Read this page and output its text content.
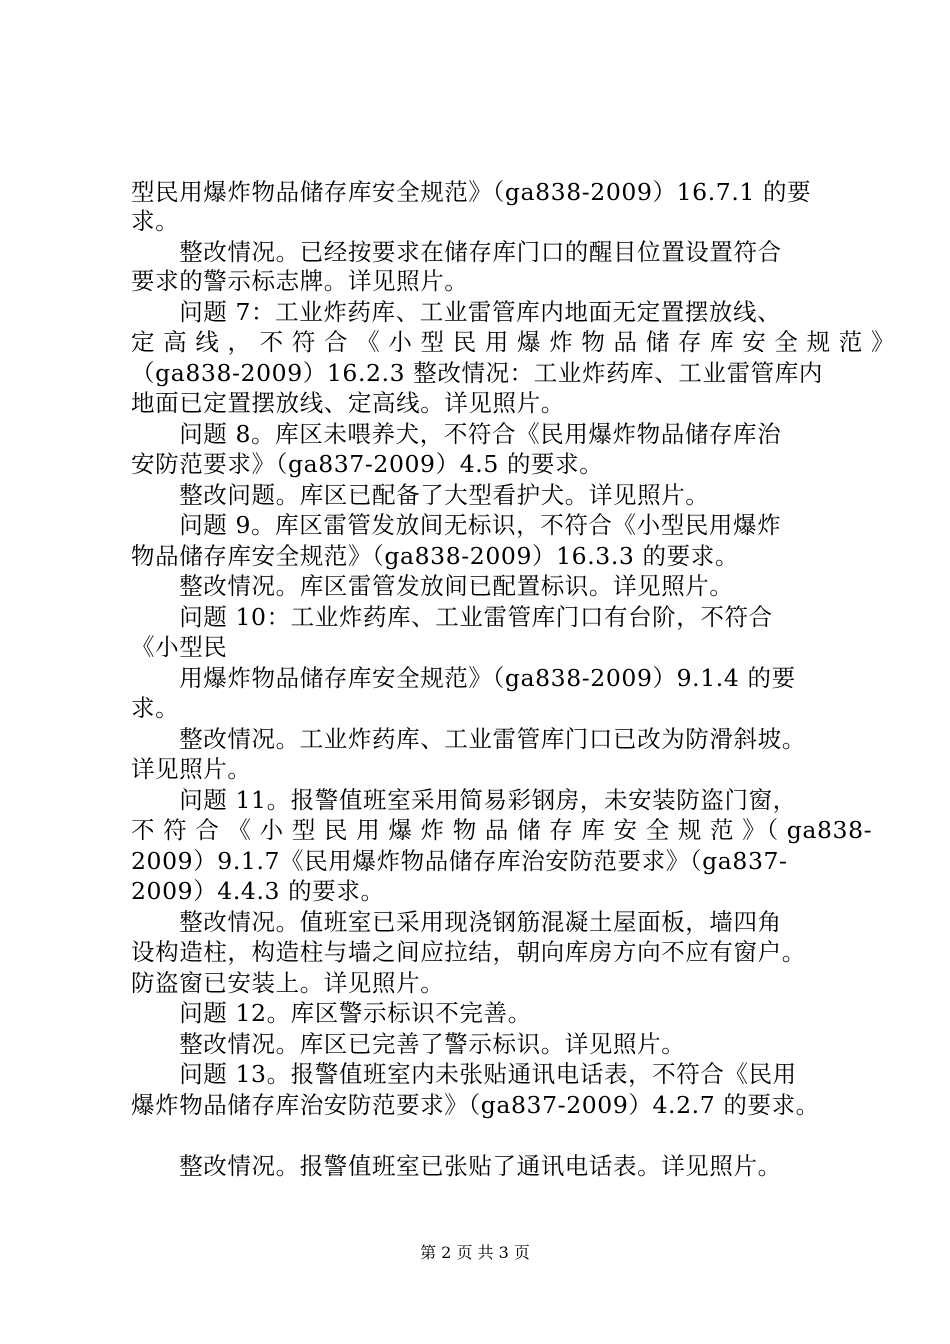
型民用爆炸物品储存库安全规范》（ga838-2009）16.7.1 的要
求。
　　整改情况。已经按要求在储存库门口的醒目位置设置符合
要求的警示标志牌。详见照片。
　　问题 7：工业炸药库、工业雷管库内地面无定置摆放线、
定 高 线 ， 不 符 合 《 小 型 民 用 爆 炸 物 品 储 存 库 安 全 规 范 》
（ga838-2009）16.2.3 整改情况：工业炸药库、工业雷管库内
地面已定置摆放线、定高线。详见照片。
　　问题 8。库区未喂养犬，不符合《民用爆炸物品储存库治
安防范要求》（ga837-2009）4.5 的要求。
　　整改问题。库区已配备了大型看护犬。详见照片。
　　问题 9。库区雷管发放间无标识，不符合《小型民用爆炸
物品储存库安全规范》（ga838-2009）16.3.3 的要求。
　　整改情况。库区雷管发放间已配置标识。详见照片。
　　问题 10：工业炸药库、工业雷管库门口有台阶，不符合
《小型民
　　用爆炸物品储存库安全规范》（ga838-2009）9.1.4 的要
求。
　　整改情况。工业炸药库、工业雷管库门口已改为防滑斜坡。
详见照片。
　　问题 11。报警值班室采用简易彩钢房，未安装防盗门窗，
不 符 合 《 小 型 民 用 爆 炸 物 品 储 存 库 安 全 规 范 》（ ga838-
2009）9.1.7《民用爆炸物品储存库治安防范要求》（ga837-
2009）4.4.3 的要求。
　　整改情况。值班室已采用现浇钢筋混凝土屋面板，墙四角
设构造柱，构造柱与墙之间应拉结，朝向库房方向不应有窗户。
防盗窗已安装上。详见照片。
　　问题 12。库区警示标识不完善。
　　整改情况。库区已完善了警示标识。详见照片。
　　问题 13。报警值班室内未张贴通讯电话表，不符合《民用
爆炸物品储存库治安防范要求》（ga837-2009）4.2.7 的要求。
　　整改情况。报警值班室已张贴了通讯电话表。详见照片。
第 2 页 共 3 页
